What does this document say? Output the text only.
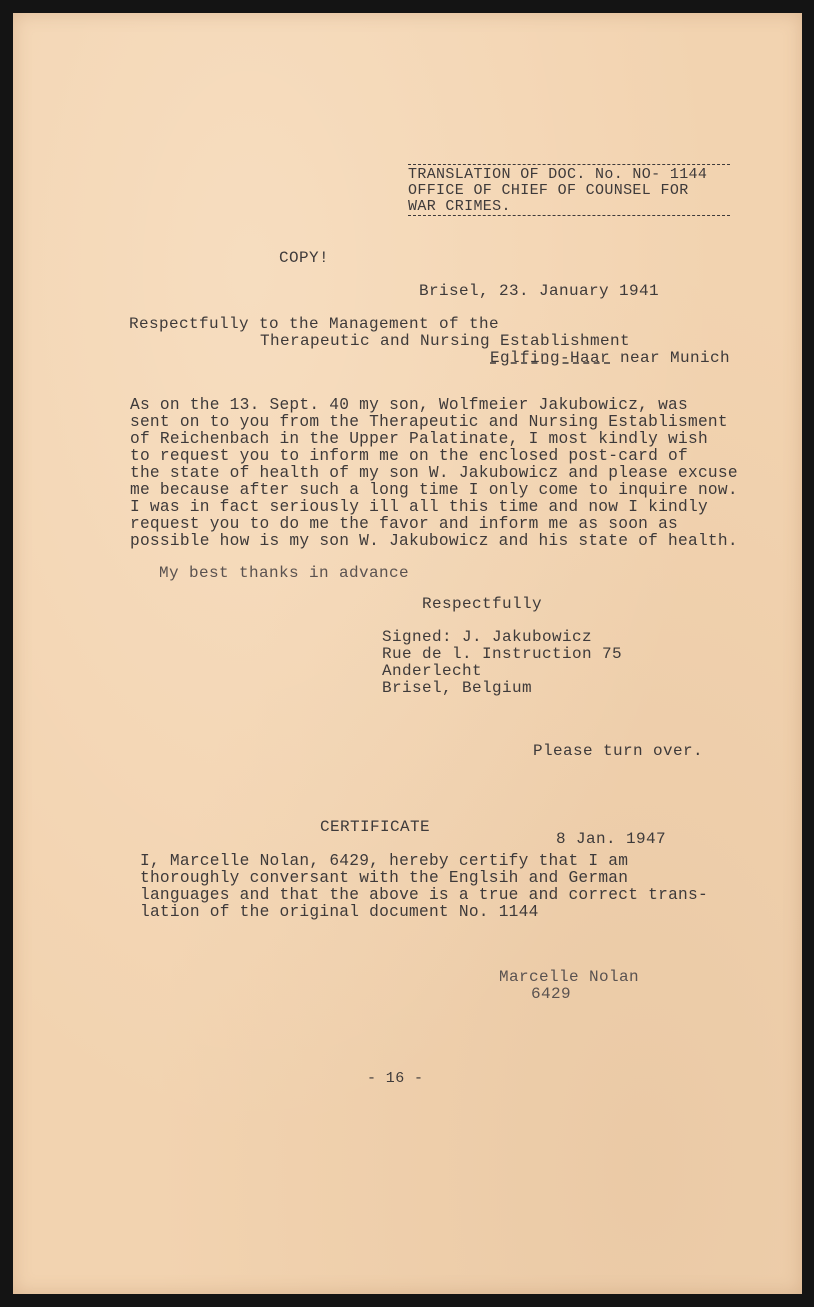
TRANSLATION OF DOC. No. NO- 1144
OFFICE OF CHIEF OF COUNSEL FOR
WAR CRIMES.
COPY!
Brisel, 23. January 1941
Respectfully to the Management of the
Therapeutic and Nursing Establishment
Eglfing-Haar near Munich
As on the 13. Sept. 40 my son, Wolfmeier Jakubowicz, was
sent on to you from the Therapeutic and Nursing Establisment
of Reichenbach in the Upper Palatinate, I most kindly wish
to request you to inform me on the enclosed post-card of
the state of health of my son W. Jakubowicz and please excuse
me because after such a long time I only come to inquire now.
I was in fact seriously ill all this time and now I kindly
request you to do me the favor and inform me as soon as
possible how is my son W. Jakubowicz and his state of health.
My best thanks in advance
Respectfully
Signed: J. Jakubowicz
Rue de l. Instruction 75
Anderlecht
Brisel, Belgium
Please turn over.
CERTIFICATE
8 Jan. 1947
I, Marcelle Nolan, 6429, hereby certify that I am
thoroughly conversant with the Englsih and German
languages and that the above is a true and correct trans-
lation of the original document No. 1144
Marcelle Nolan
6429
- 16 -
